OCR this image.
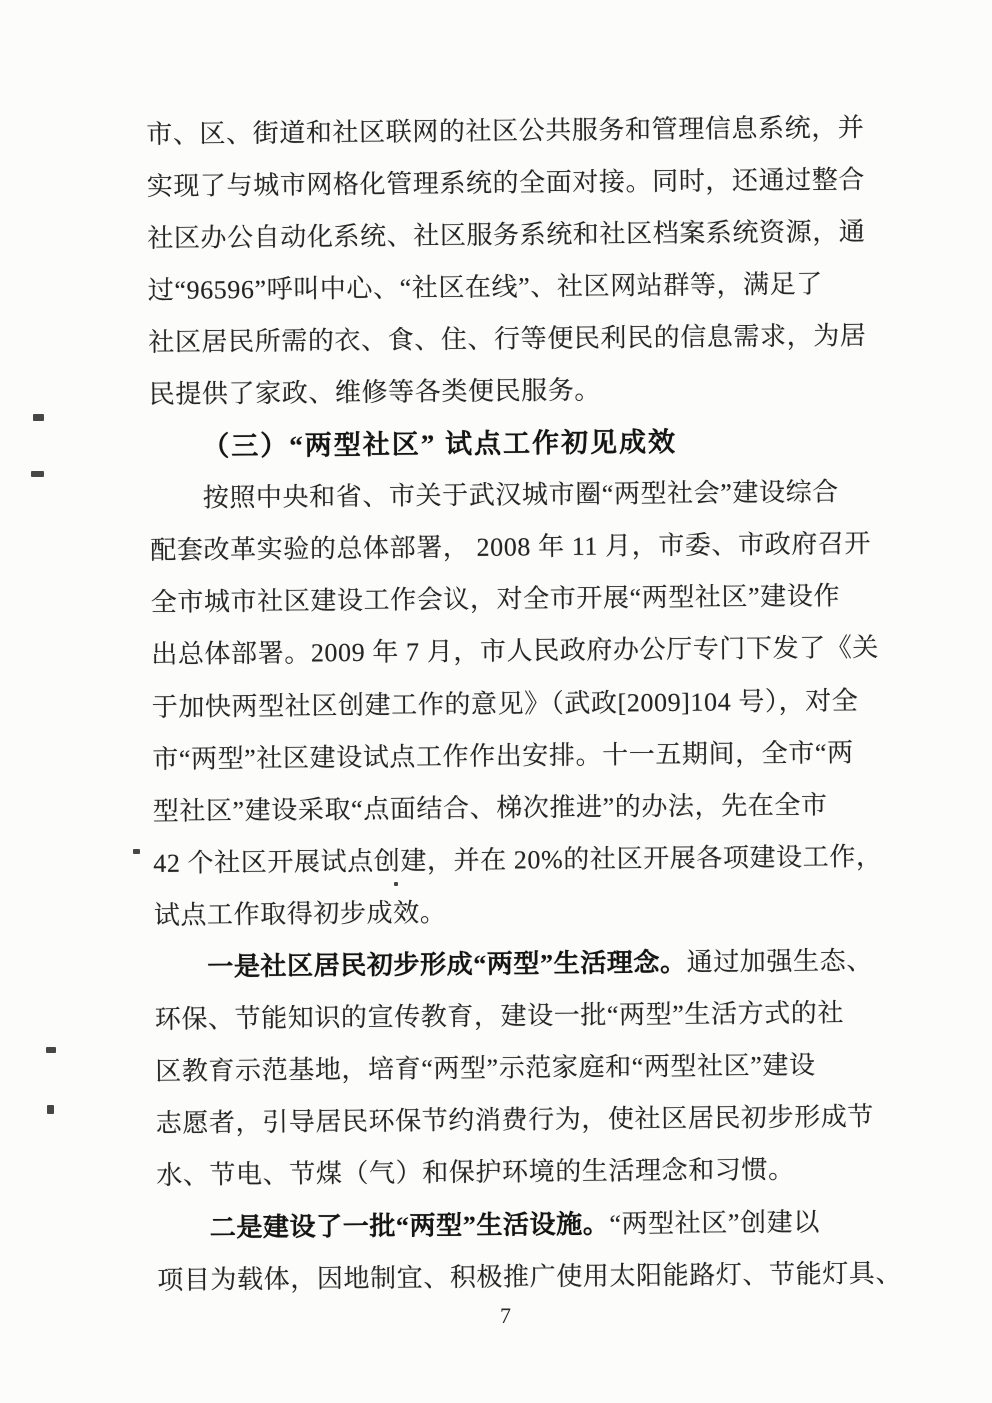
市、区、街道和社区联网的社区公共服务和管理信息系统，并
实现了与城市网格化管理系统的全面对接。同时，还通过整合
社区办公自动化系统、社区服务系统和社区档案系统资源，通
过“96596”呼叫中心、“社区在线”、社区网站群等，满足了
社区居民所需的衣、食、住、行等便民利民的信息需求，为居
民提供了家政、维修等各类便民服务。
（三）“两型社区” 试点工作初见成效
按照中央和省、市关于武汉城市圈“两型社会”建设综合
配套改革实验的总体部署， 2008 年 11 月，市委、市政府召开
全市城市社区建设工作会议，对全市开展“两型社区”建设作
出总体部署。2009 年 7 月，市人民政府办公厅专门下发了《关
于加快两型社区创建工作的意见》（武政[2009]104 号），对全
市“两型”社区建设试点工作作出安排。十一五期间，全市“两
型社区”建设采取“点面结合、梯次推进”的办法，先在全市
42 个社区开展试点创建，并在 20%的社区开展各项建设工作，
试点工作取得初步成效。
一是社区居民初步形成“两型”生活理念。 通过加强生态、
环保、节能知识的宣传教育，建设一批“两型”生活方式的社
区教育示范基地，培育“两型”示范家庭和“两型社区”建设
志愿者，引导居民环保节约消费行为，使社区居民初步形成节
水、节电、节煤（气）和保护环境的生活理念和习惯。
二是建设了一批“两型”生活设施。 “两型社区”创建以
项目为载体，因地制宜、积极推广使用太阳能路灯、节能灯具、
7
